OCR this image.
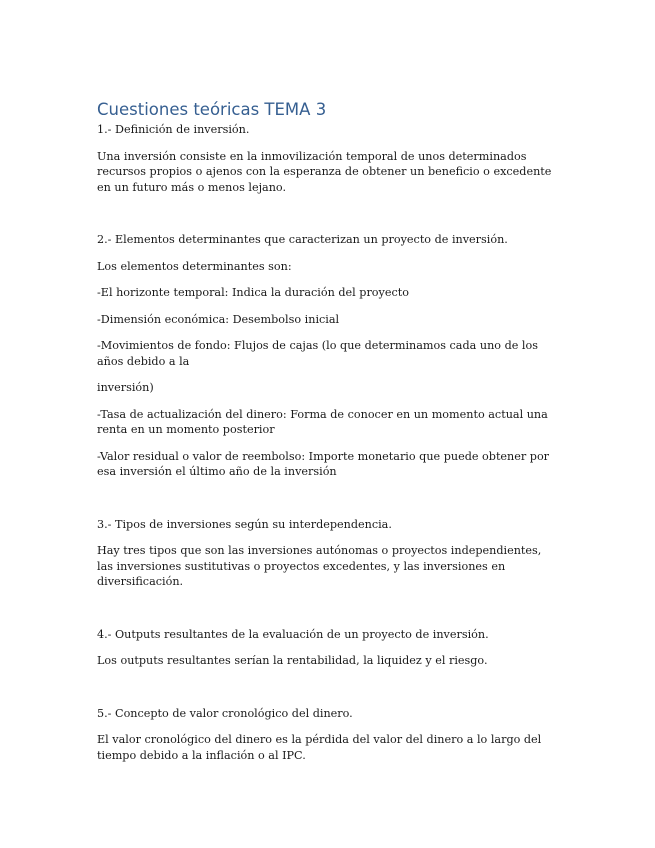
Cuestiones teóricas TEMA 3

1.- Definición de inversión.

Una inversión consiste en la inmovilización temporal de unos determinados recursos propios o ajenos con la esperanza de obtener un beneficio o excedente en un futuro más o menos lejano.

2.- Elementos determinantes que caracterizan un proyecto de inversión.

Los elementos determinantes son:

-El horizonte temporal: Indica la duración del proyecto

-Dimensión económica: Desembolso inicial

-Movimientos de fondo: Flujos de cajas (lo que determinamos cada uno de los años debido a la

inversión)

-Tasa de actualización del dinero: Forma de conocer en un momento actual una renta en un momento posterior

-Valor residual o valor de reembolso: Importe monetario que puede obtener por esa inversión el último año de la inversión

3.- Tipos de inversiones según su interdependencia.

Hay tres tipos que son las inversiones autónomas o proyectos independientes, las inversiones sustitutivas o proyectos excedentes, y las inversiones en diversificación.

4.- Outputs resultantes de la evaluación de un proyecto de inversión.

Los outputs resultantes serían la rentabilidad, la liquidez y el riesgo.

5.- Concepto de valor cronológico del dinero.

El valor cronológico del dinero es la pérdida del valor del dinero a lo largo del tiempo debido a la inflación o al IPC.
